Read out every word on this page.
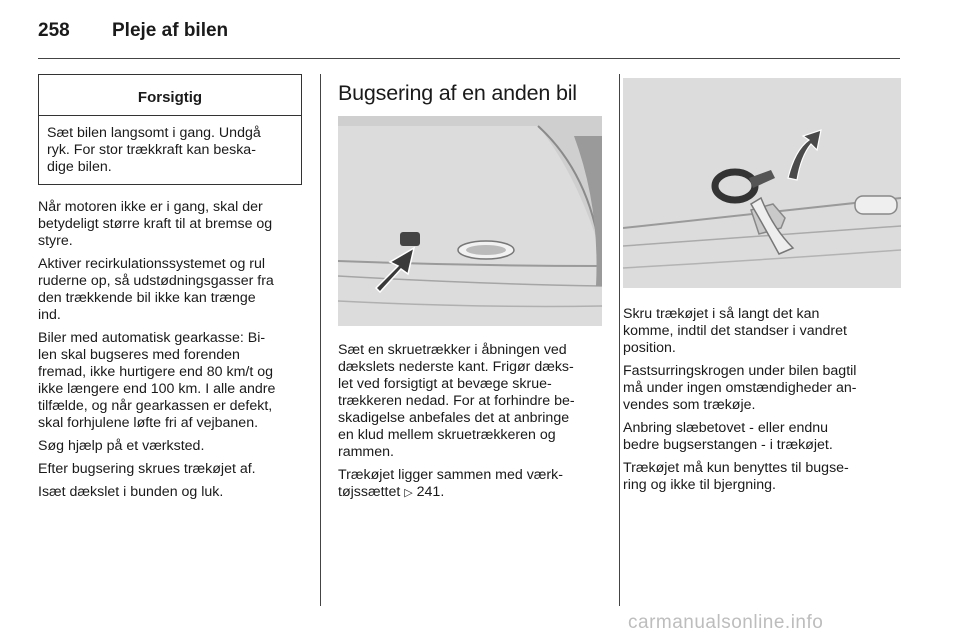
258	Pleje af bilen
Forsigtig
Sæt bilen langsomt i gang. Undgå
ryk. For stor trækkraft kan beska-
dige bilen.

Når motoren ikke er i gang, skal der
betydeligt større kraft til at bremse og
styre.

Aktiver recirkulationssystemet og rul
ruderne op, så udstødningsgasser fra
den trækkende bil ikke kan trænge
ind.

Biler med automatisk gearkasse: Bi-
len skal bugseres med forenden
fremad, ikke hurtigere end 80 km/t og
ikke længere end 100 km. I alle andre
tilfælde, og når gearkassen er defekt,
skal forhjulene løfte fri af vejbanen.

Søg hjælp på et værksted.

Efter bugsering skrues trækøjet af.

Isæt dækslet i bunden og luk.

Bugsering af en anden bil

Sæt en skruetrækker i åbningen ved
dækslets nederste kant. Frigør dæks-
let ved forsigtigt at bevæge skrue-
trækkeren nedad. For at forhindre be-
skadigelse anbefales det at anbringe
en klud mellem skruetrækkeren og
rammen.

Trækøjet ligger sammen med værk-
tøjssættet ▷ 241.

Skru trækøjet i så langt det kan
komme, indtil det standser i vandret
position.

Fastsurringskrogen under bilen bagtil
må under ingen omstændigheder an-
vendes som trækøje.

Anbring slæbetovet - eller endnu
bedre bugserstangen - i trækøjet.

Trækøjet må kun benyttes til bugse-
ring og ikke til bjergning.

carmanualsonline.info
